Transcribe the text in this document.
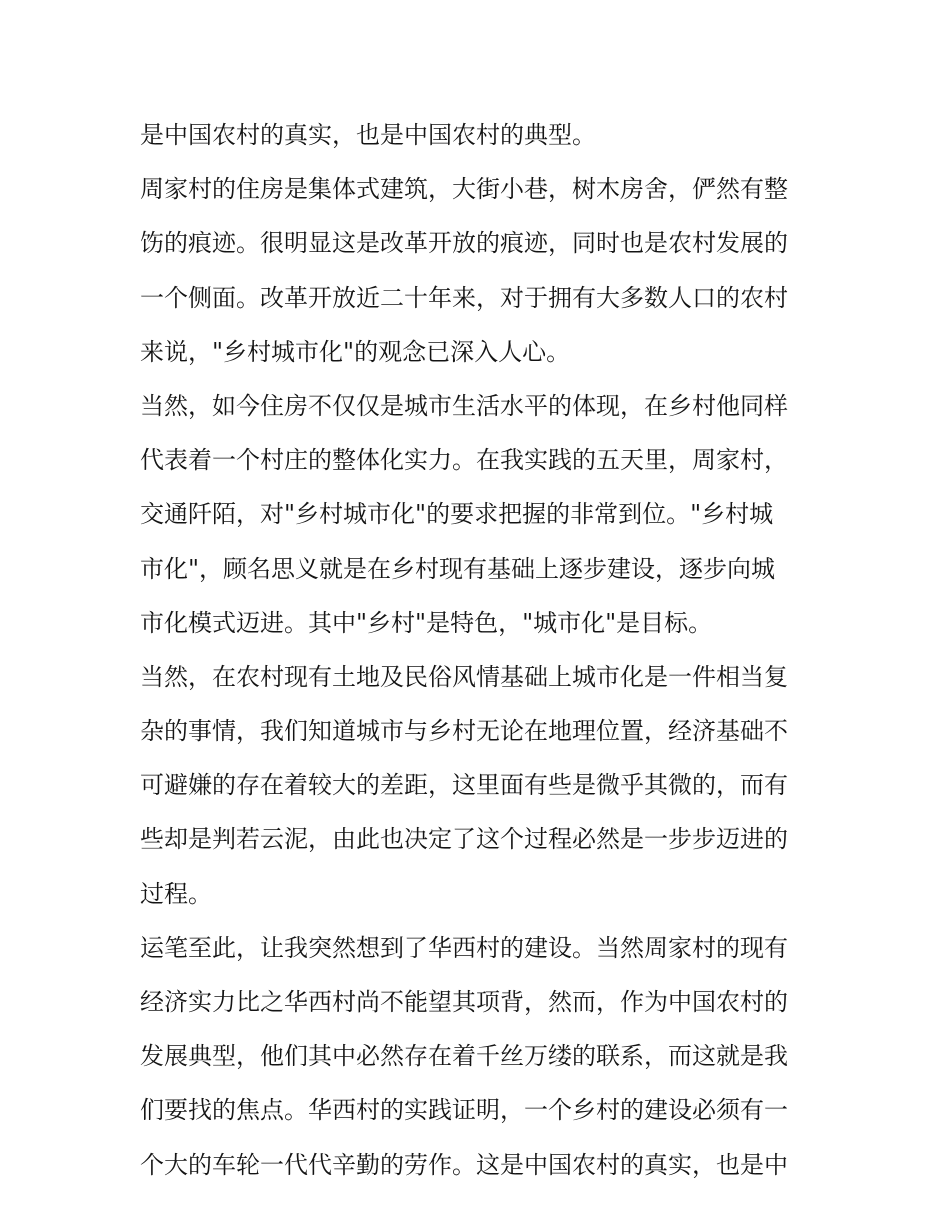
是中国农村的真实，也是中国农村的典型。
周家村的住房是集体式建筑，大街小巷，树木房舍，俨然有整
饬的痕迹。很明显这是改革开放的痕迹，同时也是农村发展的
一个侧面。改革开放近二十年来，对于拥有大多数人口的农村
来说，"乡村城市化"的观念已深入人心。
当然，如今住房不仅仅是城市生活水平的体现，在乡村他同样
代表着一个村庄的整体化实力。在我实践的五天里，周家村，
交通阡陌，对"乡村城市化"的要求把握的非常到位。"乡村城
市化"，顾名思义就是在乡村现有基础上逐步建设，逐步向城
市化模式迈进。其中"乡村"是特色，"城市化"是目标。
当然，在农村现有土地及民俗风情基础上城市化是一件相当复
杂的事情，我们知道城市与乡村无论在地理位置，经济基础不
可避嫌的存在着较大的差距，这里面有些是微乎其微的，而有
些却是判若云泥，由此也决定了这个过程必然是一步步迈进的
过程。
运笔至此，让我突然想到了华西村的建设。当然周家村的现有
经济实力比之华西村尚不能望其项背，然而，作为中国农村的
发展典型，他们其中必然存在着千丝万缕的联系，而这就是我
们要找的焦点。华西村的实践证明，一个乡村的建设必须有一
个大的车轮一代代辛勤的劳作。这是中国农村的真实，也是中
